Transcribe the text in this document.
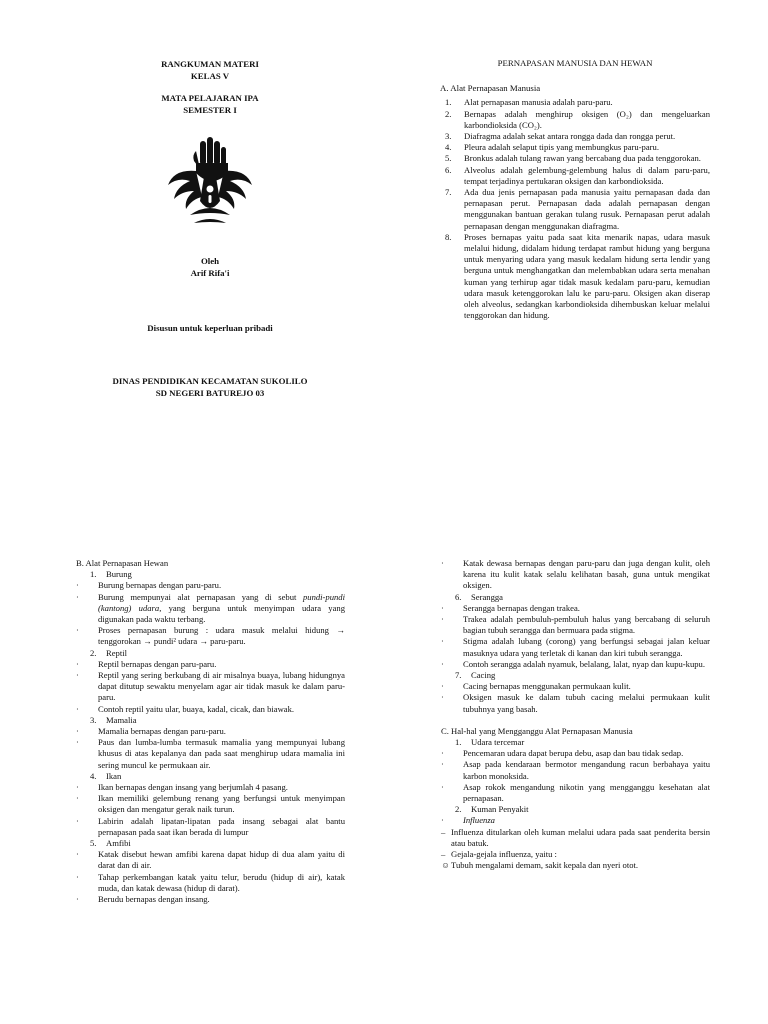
RANGKUMAN MATERI
KELAS V
MATA PELAJARAN IPA
SEMESTER I
Oleh
Arif Rifa'i
Disusun untuk keperluan pribadi
DINAS PENDIDIKAN KECAMATAN SUKOLILO
SD NEGERI BATUREJO 03
PERNAPASAN MANUSIA DAN HEWAN
A. Alat Pernapasan Manusia
1. Alat pernapasan manusia adalah paru-paru.
2. Bernapas adalah menghirup oksigen (O₂) dan mengeluarkan karbondioksida (CO₂).
3. Diafragma adalah sekat antara rongga dada dan rongga perut.
4. Pleura adalah selaput tipis yang membungkus paru-paru.
5. Bronkus adalah tulang rawan yang bercabang dua pada tenggorokan.
6. Alveolus adalah gelembung-gelembung halus di dalam paru-paru, tempat terjadinya pertukaran oksigen dan karbondioksida.
7. Ada dua jenis pernapasan pada manusia yaitu pernapasan dada dan pernapasan perut. Pernapasan dada adalah pernapasan dengan menggunakan bantuan gerakan tulang rusuk. Pernapasan perut adalah pernapasan dengan menggunakan diafragma.
8. Proses bernapas yaitu pada saat kita menarik napas, udara masuk melalui hidung, didalam hidung terdapat rambut hidung yang berguna untuk menyaring udara yang masuk kedalam hidung serta lendir yang berguna untuk menghangatkan dan melembabkan udara serta menahan kuman yang terhirup agar tidak masuk kedalam paru-paru, kemudian udara masuk ketenggorokan lalu ke paru-paru. Oksigen akan diserap oleh alveolus, sedangkan karbondioksida dihembuskan keluar melalui tenggorokan dan hidung.
B. Alat Pernapasan Hewan
1. Burung
· Burung bernapas dengan paru-paru.
· Burung mempunyai alat pernapasan yang di sebut pundi-pundi (kantong) udara, yang berguna untuk menyimpan udara yang digunakan pada waktu terbang.
· Proses pernapasan burung : udara masuk melalui hidung → tenggorokan → pundi² udara → paru-paru.
2. Reptil
· Reptil bernapas dengan paru-paru.
· Reptil yang sering berkubang di air misalnya buaya, lubang hidungnya dapat ditutup sewaktu menyelam agar air tidak masuk ke dalam paru-paru.
· Contoh reptil yaitu ular, buaya, kadal, cicak, dan biawak.
3. Mamalia
· Mamalia bernapas dengan paru-paru.
· Paus dan lumba-lumba termasuk mamalia yang mempunyai lubang khusus di atas kepalanya dan pada saat menghirup udara mamalia ini sering muncul ke permukaan air.
4. Ikan
· Ikan bernapas dengan insang yang berjumlah 4 pasang.
· Ikan memiliki gelembung renang yang berfungsi untuk menyimpan oksigen dan mengatur gerak naik turun.
· Labirin adalah lipatan-lipatan pada insang sebagai alat bantu pernapasan pada saat ikan berada di lumpur
5. Amfibi
· Katak disebut hewan amfibi karena dapat hidup di dua alam yaitu di darat dan di air.
· Tahap perkembangan katak yaitu telur, berudu (hidup di air), katak muda, dan katak dewasa (hidup di darat).
· Berudu bernapas dengan insang.
· Katak dewasa bernapas dengan paru-paru dan juga dengan kulit, oleh karena itu kulit katak selalu kelihatan basah, guna untuk mengikat oksigen.
6. Serangga
· Serangga bernapas dengan trakea.
· Trakea adalah pembuluh-pembuluh halus yang bercabang di seluruh bagian tubuh serangga dan bermuara pada stigma.
· Stigma adalah lubang (corong) yang berfungsi sebagai jalan keluar masuknya udara yang terletak di kanan dan kiri tubuh serangga.
· Contoh serangga adalah nyamuk, belalang, lalat, nyap dan kupu-kupu.
7. Cacing
· Cacing bernapas menggunakan permukaan kulit.
· Oksigen masuk ke dalam tubuh cacing melalui permukaan kulit tubuhnya yang basah.
C. Hal-hal yang Mengganggu Alat Pernapasan Manusia
1. Udara tercemar
· Pencemaran udara dapat berupa debu, asap dan bau tidak sedap.
· Asap pada kendaraan bermotor mengandung racun berbahaya yaitu karbon monoksida.
· Asap rokok mengandung nikotin yang mengganggu kesehatan alat pernapasan.
2. Kuman Penyakit
· Influenza
– Influenza ditularkan oleh kuman melalui udara pada saat penderita bersin atau batuk.
– Gejala-gejala influenza, yaitu :
☺ Tubuh mengalami demam, sakit kepala dan nyeri otot.
